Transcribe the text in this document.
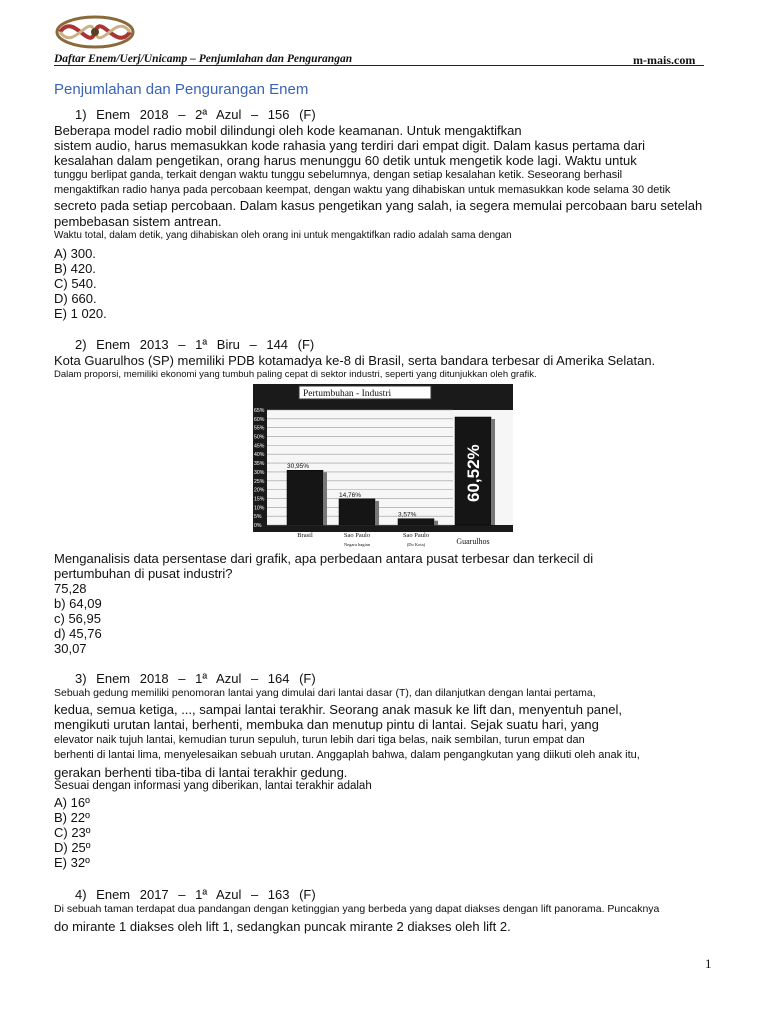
Daftar Enem/Uerj/Unicamp – Penjumlahan dan Pengurangan	m-mais.com
Penjumlahan dan Pengurangan Enem
1) Enem 2018 – 2ª Azul – 156 (F)
Beberapa model radio mobil dilindungi oleh kode keamanan. Untuk mengaktifkan
sistem audio, harus memasukkan kode rahasia yang terdiri dari empat digit. Dalam kasus pertama dari
kesalahan dalam pengetikan, orang harus menunggu 60 detik untuk mengetik kode lagi. Waktu untuk
tunggu berlipat ganda, terkait dengan waktu tunggu sebelumnya, dengan setiap kesalahan ketik. Seseorang berhasil
mengaktifkan radio hanya pada percobaan keempat, dengan waktu yang dihabiskan untuk memasukkan kode selama 30 detik
secreto pada setiap percobaan. Dalam kasus pengetikan yang salah, ia segera memulai percobaan baru setelah
pembebasan sistem antrean.
Waktu total, dalam detik, yang dihabiskan oleh orang ini untuk mengaktifkan radio adalah sama dengan
A) 300.
B) 420.
C) 540.
D) 660.
E) 1 020.
2) Enem 2013 – 1ª Biru – 144 (F)
Kota Guarulhos (SP) memiliki PDB kotamadya ke-8 di Brasil, serta bandara terbesar di Amerika Selatan.
Dalam proporsi, memiliki ekonomi yang tumbuh paling cepat di sektor industri, seperti yang ditunjukkan oleh grafik.
Pertumbuhan - Industri
65%
60%
55%
50%
45%
40%
35%
30%
25%
20%
15%
10%
5%
0%
30,95%
14,76%
3,57%
60,52%
Brasil	Sao Paulo
Negara bagian
Sao Paulo
(Do Kota)	Guarulhos
Menganalisis data persentase dari grafik, apa perbedaan antara pusat terbesar dan terkecil di
pertumbuhan di pusat industri?
75,28
b) 64,09
c) 56,95
d) 45,76
30,07
3) Enem 2018 – 1ª Azul – 164 (F)
Sebuah gedung memiliki penomoran lantai yang dimulai dari lantai dasar (T), dan dilanjutkan dengan lantai pertama,
kedua, semua ketiga, ..., sampai lantai terakhir. Seorang anak masuk ke lift dan, menyentuh panel,
mengikuti urutan lantai, berhenti, membuka dan menutup pintu di lantai. Sejak suatu hari, yang
elevator naik tujuh lantai, kemudian turun sepuluh, turun lebih dari tiga belas, naik sembilan, turun empat dan
berhenti di lantai lima, menyelesaikan sebuah urutan. Anggaplah bahwa, dalam pengangkutan yang diikuti oleh anak itu,
gerakan berhenti tiba-tiba di lantai terakhir gedung.
Sesuai dengan informasi yang diberikan, lantai terakhir adalah
A) 16º
B) 22º
C) 23º
D) 25º
E) 32º
4) Enem 2017 – 1ª Azul – 163 (F)
Di sebuah taman terdapat dua pandangan dengan ketinggian yang berbeda yang dapat diakses dengan lift panorama. Puncaknya
do mirante 1 diakses oleh lift 1, sedangkan puncak mirante 2 diakses oleh lift 2.
1
